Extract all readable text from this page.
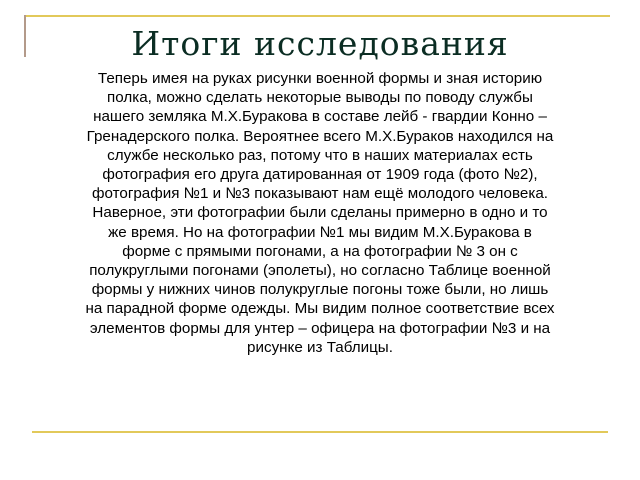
Итоги исследования

Теперь имея на руках рисунки военной формы и зная историю полка, можно сделать некоторые выводы по поводу службы нашего земляка М.Х.Буракова в составе лейб - гвардии Конно – Гренадерского полка. Вероятнее всего М.Х.Бураков находился на службе несколько раз, потому что в наших материалах есть фотография его друга датированная от 1909 года (фото №2), фотография №1 и №3 показывают нам ещё молодого человека. Наверное, эти фотографии были сделаны примерно в одно и то же время. Но на фотографии №1 мы видим М.Х.Буракова в форме с прямыми погонами, а на фотографии № 3 он с полукруглыми погонами (эполеты), но согласно Таблице военной формы у нижних чинов полукруглые погоны тоже были, но лишь на парадной форме одежды. Мы видим полное соответствие всех элементов формы для унтер – офицера на фотографии №3 и на рисунке из Таблицы.
